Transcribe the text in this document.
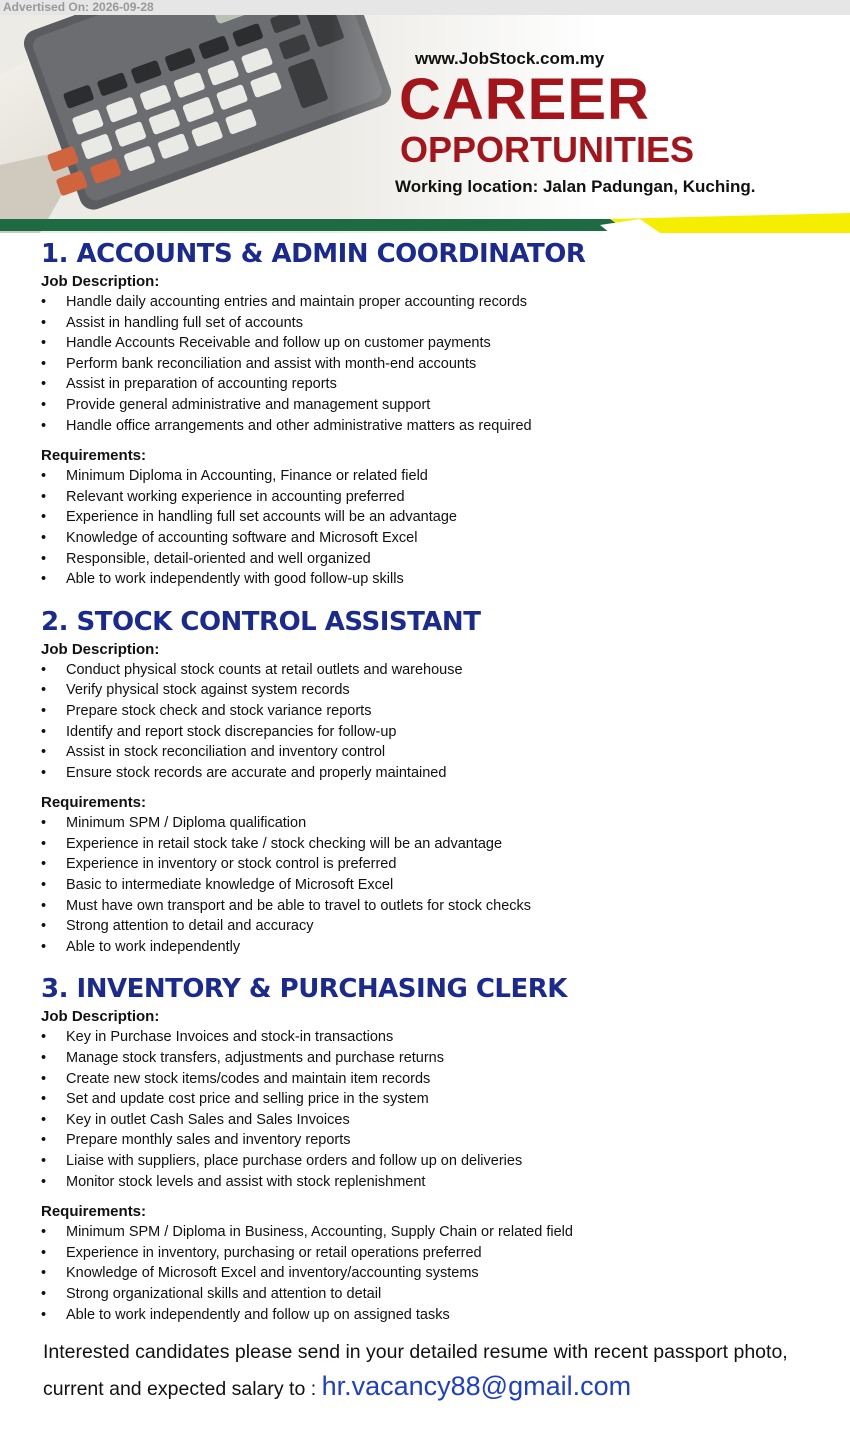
Advertised On: 2026-09-28
www.JobStock.com.my
CAREER
OPPORTUNITIES
Working location: Jalan Padungan, Kuching.
1. ACCOUNTS & ADMIN COORDINATOR

Job Description:

• Handle daily accounting entries and maintain proper accounting records
• Assist in handling full set of accounts
• Handle Accounts Receivable and follow up on customer payments
• Perform bank reconciliation and assist with month-end accounts
• Assist in preparation of accounting reports
• Provide general administrative and management support
• Handle office arrangements and other administrative matters as required

Requirements:

• Minimum Diploma in Accounting, Finance or related field
• Relevant working experience in accounting preferred
• Experience in handling full set accounts will be an advantage
• Knowledge of accounting software and Microsoft Excel
• Responsible, detail-oriented and well organized
• Able to work independently with good follow-up skills
2. STOCK CONTROL ASSISTANT

Job Description:

• Conduct physical stock counts at retail outlets and warehouse
• Verify physical stock against system records
• Prepare stock check and stock variance reports
• Identify and report stock discrepancies for follow-up
• Assist in stock reconciliation and inventory control
• Ensure stock records are accurate and properly maintained

Requirements:

• Minimum SPM / Diploma qualification
• Experience in retail stock take / stock checking will be an advantage
• Experience in inventory or stock control is preferred
• Basic to intermediate knowledge of Microsoft Excel
• Must have own transport and be able to travel to outlets for stock checks
• Strong attention to detail and accuracy
• Able to work independently
3. INVENTORY & PURCHASING CLERK

Job Description:

• Key in Purchase Invoices and stock-in transactions
• Manage stock transfers, adjustments and purchase returns
• Create new stock items/codes and maintain item records
• Set and update cost price and selling price in the system
• Key in outlet Cash Sales and Sales Invoices
• Prepare monthly sales and inventory reports
• Liaise with suppliers, place purchase orders and follow up on deliveries
• Monitor stock levels and assist with stock replenishment

Requirements:

• Minimum SPM / Diploma in Business, Accounting, Supply Chain or related field
• Experience in inventory, purchasing or retail operations preferred
• Knowledge of Microsoft Excel and inventory/accounting systems
• Strong organizational skills and attention to detail
• Able to work independently and follow up on assigned tasks
Interested candidates please send in your detailed resume with recent passport photo,
current and expected salary to : hr.vacancy88@gmail.com
